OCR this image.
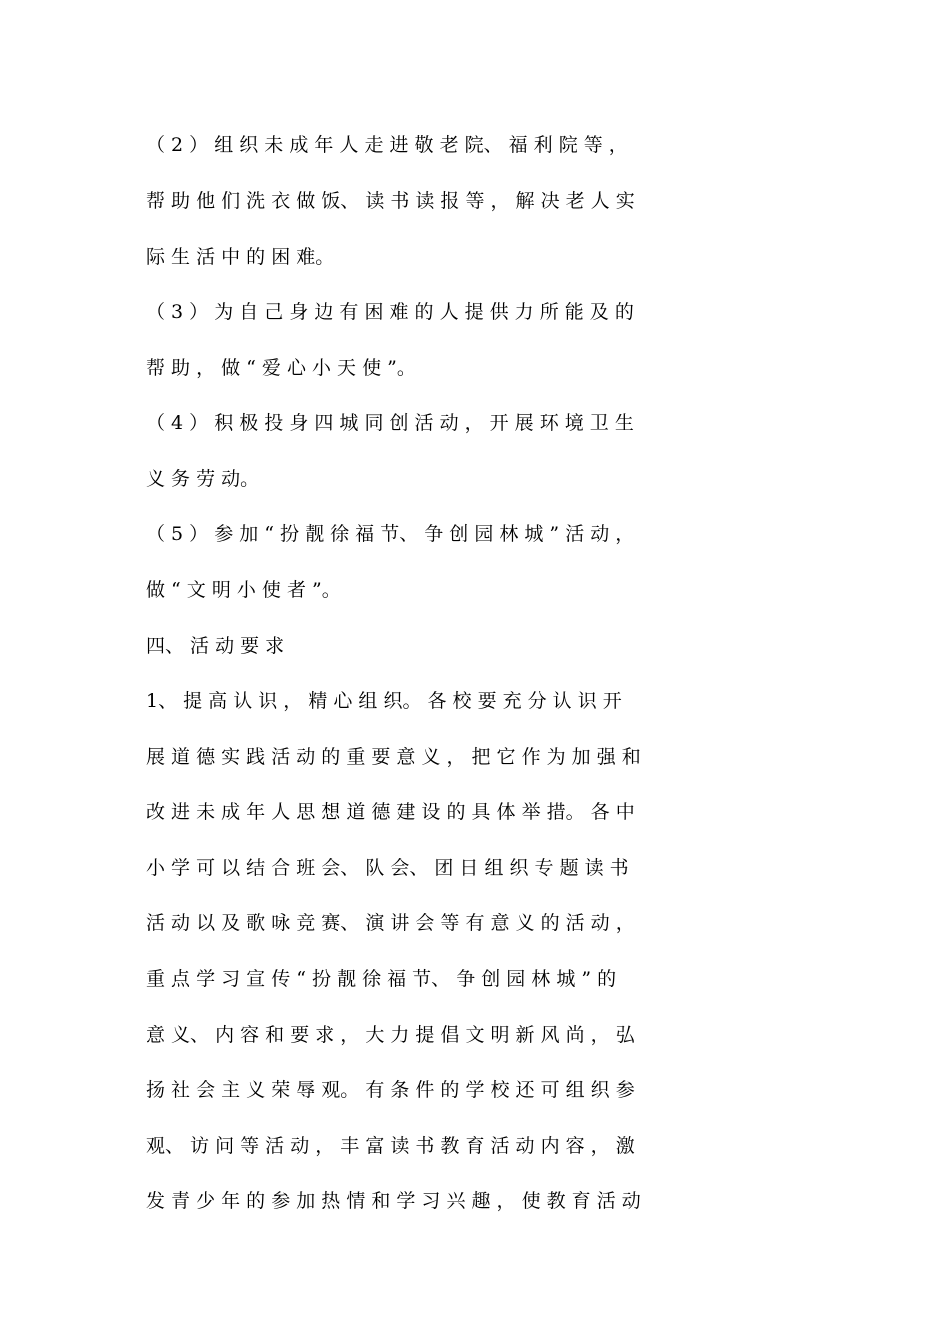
（ 2 ） 组 织 未 成 年 人 走 进 敬 老 院、 福 利 院 等 ，
帮 助 他 们 洗 衣 做 饭、 读 书 读 报 等 ， 解 决 老 人 实
际 生 活 中 的 困 难。
（ 3 ） 为 自 己 身 边 有 困 难 的 人 提 供 力 所 能 及 的
帮 助 ， 做 “ 爱 心 小 天 使 ”。
（ 4 ） 积 极 投 身 四 城 同 创 活 动 ， 开 展 环 境 卫 生
义 务 劳 动。
（ 5 ） 参 加 “ 扮 靓 徐 福 节、 争 创 园 林 城 ” 活 动 ，
做 “ 文 明 小 使 者 ”。
四、 活 动 要 求
1、 提 高 认 识 ， 精 心 组 织。 各 校 要 充 分 认 识 开
展 道 德 实 践 活 动 的 重 要 意 义 ， 把 它 作 为 加 强 和
改 进 未 成 年 人 思 想 道 德 建 设 的 具 体 举 措。 各 中
小 学 可 以 结 合 班 会、 队 会、 团 日 组 织 专 题 读 书
活 动 以 及 歌 咏 竞 赛、 演 讲 会 等 有 意 义 的 活 动 ，
重 点 学 习 宣 传 “ 扮 靓 徐 福 节、 争 创 园 林 城 ” 的
意 义、 内 容 和 要 求 ， 大 力 提 倡 文 明 新 风 尚 ， 弘
扬 社 会 主 义 荣 辱 观。 有 条 件 的 学 校 还 可 组 织 参
观、 访 问 等 活 动 ， 丰 富 读 书 教 育 活 动 内 容 ， 激
发 青 少 年 的 参 加 热 情 和 学 习 兴 趣 ， 使 教 育 活 动
